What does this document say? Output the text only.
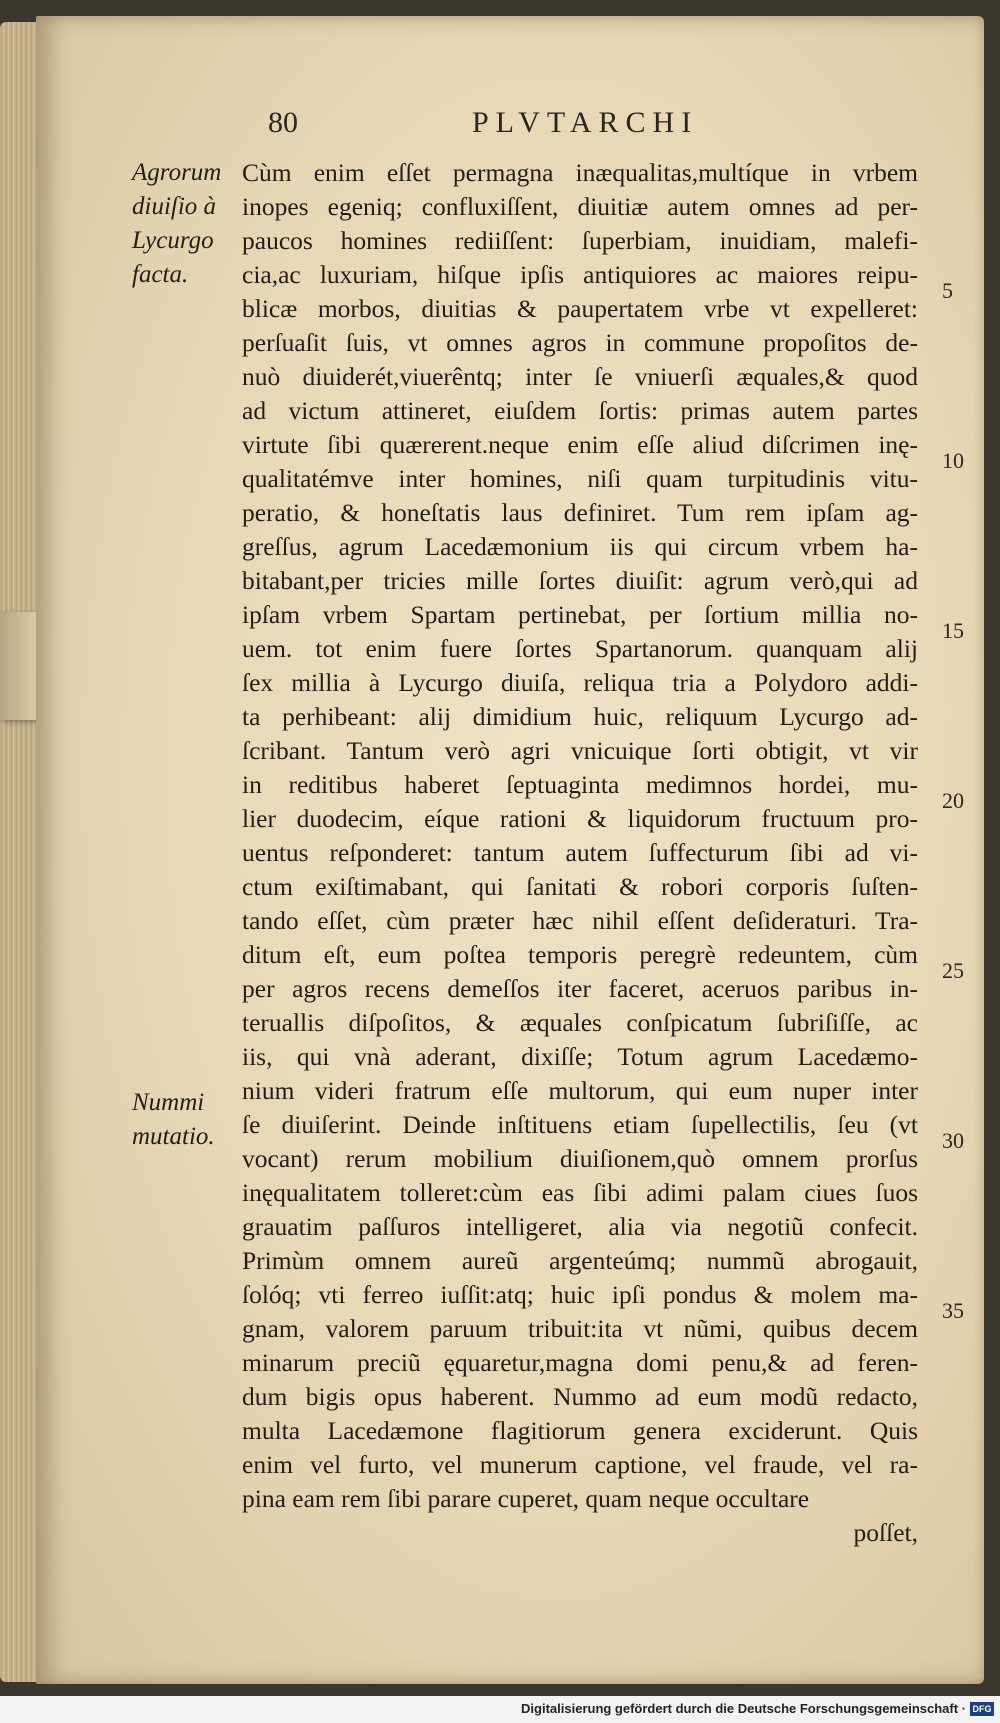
80	PLVTARCHI
Agrorum
diuiſio à
Lycurgo
facta.
Nummi
mutatio.
Cùm enim eſſet permagna inæqualitas,multíque in vrbem
inopes egeniq; confluxiſſent, diuitiæ autem omnes ad per-
paucos homines rediiſſent: ſuperbiam, inuidiam, malefi-
cia,ac luxuriam, hiſque ipſis antiquiores ac maiores reipu-
blicæ morbos, diuitias & paupertatem vrbe vt expelleret:
perſuaſit ſuis, vt omnes agros in commune propoſitos de-
nuò diuiderét,viuerêntq; inter ſe vniuerſi æquales,& quod
ad victum attineret, eiuſdem ſortis: primas autem partes
virtute ſibi quærerent.neque enim eſſe aliud diſcrimen inę-
qualitatémve inter homines, niſi quam turpitudinis vitu-
peratio, & honeſtatis laus definiret. Tum rem ipſam ag-
greſſus, agrum Lacedæmonium iis qui circum vrbem ha-
bitabant,per tricies mille ſortes diuiſit: agrum verò,qui ad
ipſam vrbem Spartam pertinebat, per ſortium millia no-
uem. tot enim fuere ſortes Spartanorum. quanquam alij
ſex millia à Lycurgo diuiſa, reliqua tria a Polydoro addi-
ta perhibeant: alij dimidium huic, reliquum Lycurgo ad-
ſcribant. Tantum verò agri vnicuique ſorti obtigit, vt vir
in reditibus haberet ſeptuaginta medimnos hordei, mu-
lier duodecim, eíque rationi & liquidorum fructuum pro-
uentus reſponderet: tantum autem ſuffecturum ſibi ad vi-
ctum exiſtimabant, qui ſanitati & robori corporis ſuſten-
tando eſſet, cùm præter hæc nihil eſſent deſideraturi. Tra-
ditum eſt, eum poſtea temporis peregrè redeuntem, cùm
per agros recens demeſſos iter faceret, aceruos paribus in-
teruallis diſpoſitos, & æquales conſpicatum ſubriſiſſe, ac
iis, qui vnà aderant, dixiſſe; Totum agrum Lacedæmo-
nium videri fratrum eſſe multorum, qui eum nuper inter
ſe diuiſerint. Deinde inſtituens etiam ſupellectilis, ſeu (vt
vocant) rerum mobilium diuiſionem,quò omnem prorſus
inęqualitatem tolleret:cùm eas ſibi adimi palam ciues ſuos
grauatim paſſuros intelligeret, alia via negotiũ confecit.
Primùm omnem aureũ argenteúmq; nummũ abrogauit,
ſolóq; vti ferreo iuſſit:atq; huic ipſi pondus & molem ma-
gnam, valorem paruum tribuit:ita vt nũmi, quibus decem
minarum preciũ ęquaretur,magna domi penu,& ad feren-
dum bigis opus haberent. Nummo ad eum modũ redacto,
multa Lacedæmone flagitiorum genera exciderunt. Quis
enim vel furto, vel munerum captione, vel fraude, vel ra-
pina eam rem ſibi parare cuperet, quam neque occultare
poſſet,
5
10
15
20
25
30
35
Digitalisierung gefördert durch die Deutsche Forschungsgemeinschaft · DFG
